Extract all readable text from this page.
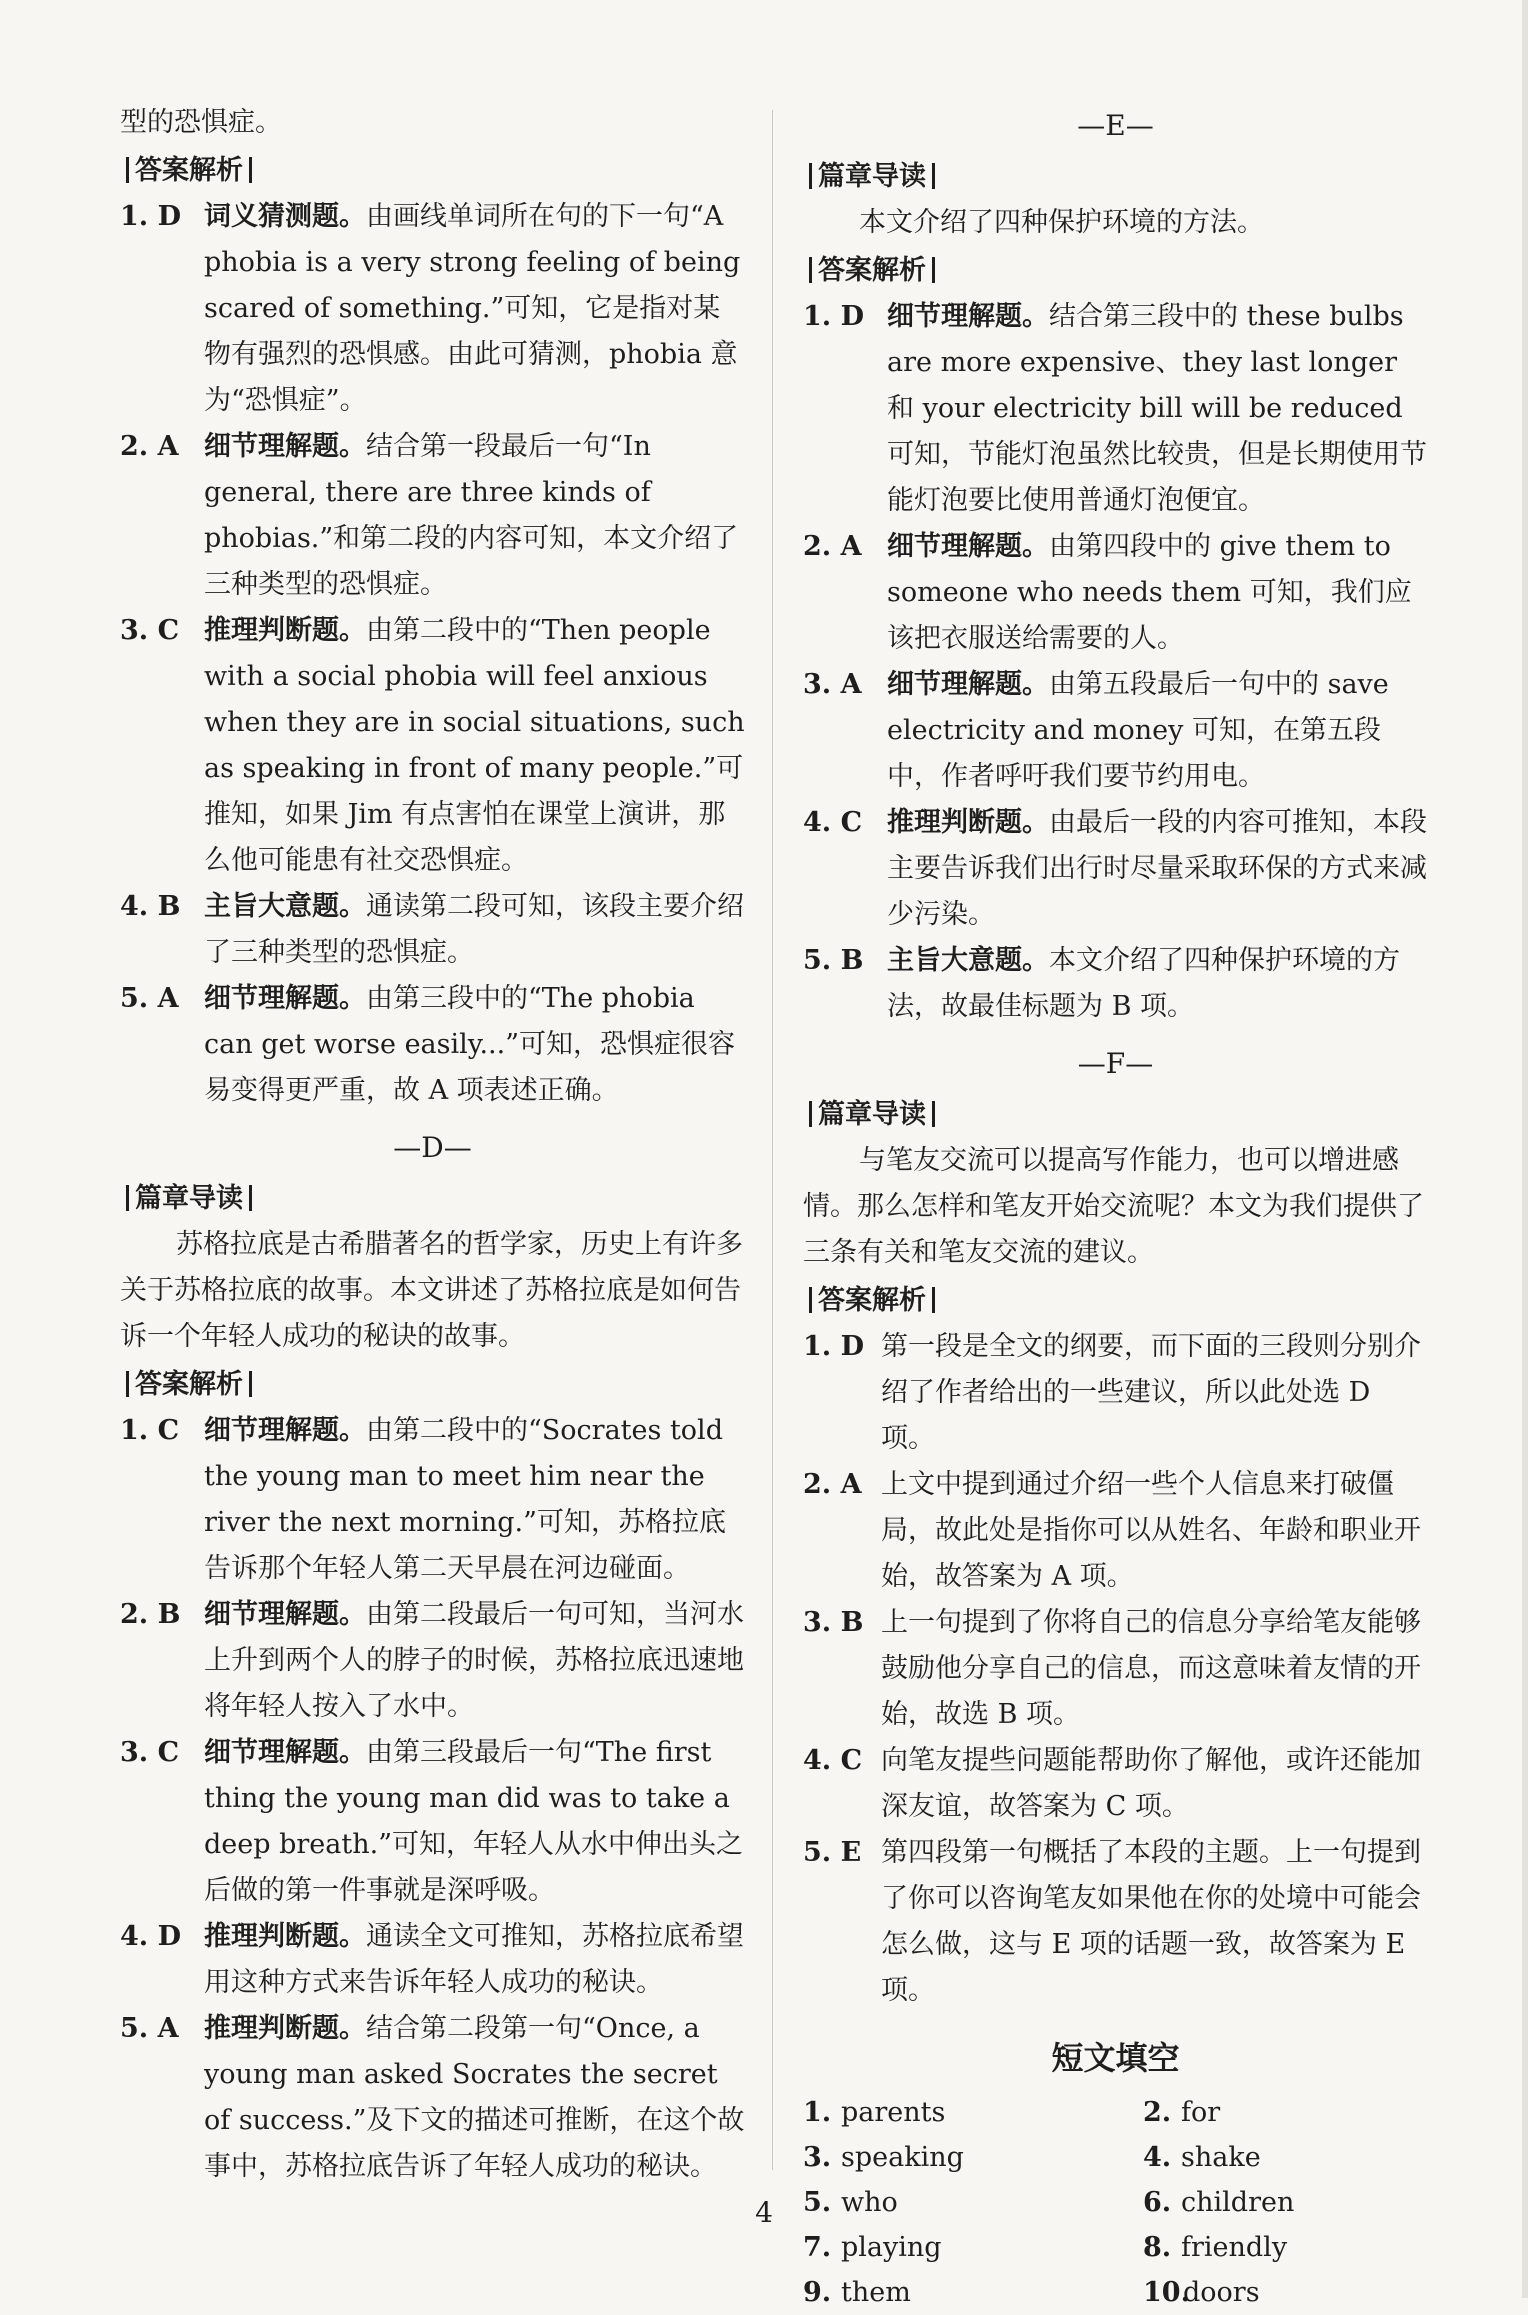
型的恐惧症。

答案解析

1. D 词义猜测题。由画线单词所在句的下一句“A phobia is a very strong feeling of being scared of something.”可知，它是指对某物有强烈的恐惧感。由此可猜测，phobia 意为“恐惧症”。

2. A 细节理解题。结合第一段最后一句“In general, there are three kinds of phobias.”和第二段的内容可知，本文介绍了三种类型的恐惧症。

3. C 推理判断题。由第二段中的“Then people with a social phobia will feel anxious when they are in social situations, such as speaking in front of many people.”可推知，如果 Jim 有点害怕在课堂上演讲，那么他可能患有社交恐惧症。

4. B 主旨大意题。通读第二段可知，该段主要介绍了三种类型的恐惧症。

5. A 细节理解题。由第三段中的“The phobia can get worse easily...”可知，恐惧症很容易变得更严重，故 A 项表述正确。

—D—

篇章导读

苏格拉底是古希腊著名的哲学家，历史上有许多关于苏格拉底的故事。本文讲述了苏格拉底是如何告诉一个年轻人成功的秘诀的故事。

答案解析

1. C 细节理解题。由第二段中的“Socrates told the young man to meet him near the river the next morning.”可知，苏格拉底告诉那个年轻人第二天早晨在河边碰面。

2. B 细节理解题。由第二段最后一句可知，当河水上升到两个人的脖子的时候，苏格拉底迅速地将年轻人按入了水中。

3. C 细节理解题。由第三段最后一句“The first thing the young man did was to take a deep breath.”可知，年轻人从水中伸出头之后做的第一件事就是深呼吸。

4. D 推理判断题。通读全文可推知，苏格拉底希望用这种方式来告诉年轻人成功的秘诀。

5. A 推理判断题。结合第二段第一句“Once, a young man asked Socrates the secret of success.”及下文的描述可推断，在这个故事中，苏格拉底告诉了年轻人成功的秘诀。

—E—

篇章导读

本文介绍了四种保护环境的方法。

答案解析

1. D 细节理解题。结合第三段中的 these bulbs are more expensive、they last longer 和 your electricity bill will be reduced 可知，节能灯泡虽然比较贵，但是长期使用节能灯泡要比使用普通灯泡便宜。

2. A 细节理解题。由第四段中的 give them to someone who needs them 可知，我们应该把衣服送给需要的人。

3. A 细节理解题。由第五段最后一句中的 save electricity and money 可知，在第五段中，作者呼吁我们要节约用电。

4. C 推理判断题。由最后一段的内容可推知，本段主要告诉我们出行时尽量采取环保的方式来减少污染。

5. B 主旨大意题。本文介绍了四种保护环境的方法，故最佳标题为 B 项。

—F—

篇章导读

与笔友交流可以提高写作能力，也可以增进感情。那么怎样和笔友开始交流呢？本文为我们提供了三条有关和笔友交流的建议。

答案解析

1. D 第一段是全文的纲要，而下面的三段则分别介绍了作者给出的一些建议，所以此处选 D 项。

2. A 上文中提到通过介绍一些个人信息来打破僵局，故此处是指你可以从姓名、年龄和职业开始，故答案为 A 项。

3. B 上一句提到了你将自己的信息分享给笔友能够鼓励他分享自己的信息，而这意味着友情的开始，故选 B 项。

4. C 向笔友提些问题能帮助你了解他，或许还能加深友谊，故答案为 C 项。

5. E 第四段第一句概括了本段的主题。上一句提到了你可以咨询笔友如果他在你的处境中可能会怎么做，这与 E 项的话题一致，故答案为 E 项。

短文填空

1. parents	2. for
3. speaking	4. shake
5. who	6. children
7. playing	8. friendly
9. them	10.doors
4
